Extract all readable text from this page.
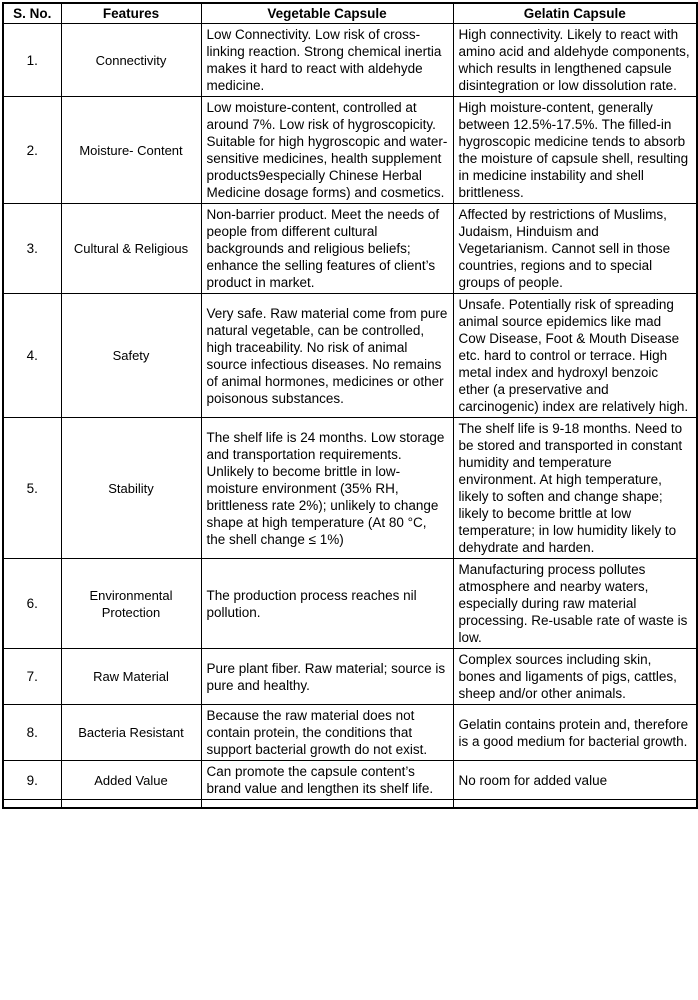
S. No.	Features	Vegetable Capsule	Gelatin Capsule
1.	Connectivity	Low Connectivity. Low risk of cross-linking reaction. Strong chemical inertia makes it hard to react with aldehyde medicine.	High connectivity. Likely to react with amino acid and aldehyde components, which results in lengthened capsule disintegration or low dissolution rate.
2.	Moisture- Content	Low moisture-content, controlled at around 7%. Low risk of hygroscopicity. Suitable for high hygroscopic and water-sensitive medicines, health supplement products9especially Chinese Herbal Medicine dosage forms) and cosmetics.	High moisture-content, generally between 12.5%-17.5%. The filled-in hygroscopic medicine tends to absorb the moisture of capsule shell, resulting in medicine instability and shell brittleness.
3.	Cultural & Religious	Non-barrier product. Meet the needs of people from different cultural backgrounds and religious beliefs; enhance the selling features of client’s product in market.	Affected by restrictions of Muslims, Judaism, Hinduism and Vegetarianism. Cannot sell in those countries, regions and to special groups of people.
4.	Safety	Very safe. Raw material come from pure natural vegetable, can be controlled, high traceability. No risk of animal source infectious diseases. No remains of animal hormones, medicines or other poisonous substances.	Unsafe. Potentially risk of spreading animal source epidemics like mad Cow Disease, Foot & Mouth Disease etc. hard to control or terrace. High metal index and hydroxyl benzoic ether (a preservative and carcinogenic) index are relatively high.
5.	Stability	The shelf life is 24 months. Low storage and transportation requirements. Unlikely to become brittle in low-moisture environment (35% RH, brittleness rate 2%); unlikely to change shape at high temperature (At 80 °C, the shell change ≤ 1%)	The shelf life is 9-18 months. Need to be stored and transported in constant humidity and temperature environment. At high temperature, likely to soften and change shape; likely to become brittle at low temperature; in low humidity likely to dehydrate and harden.
6.	Environmental Protection	The production process reaches nil pollution.	Manufacturing process pollutes atmosphere and nearby waters, especially during raw material processing. Re-usable rate of waste is low.
7.	Raw Material	Pure plant fiber. Raw material; source is pure and healthy.	Complex sources including skin, bones and ligaments of pigs, cattles, sheep and/or other animals.
8.	Bacteria Resistant	Because the raw material does not contain protein, the conditions that support bacterial growth do not exist.	Gelatin contains protein and, therefore is a good medium for bacterial growth.
9.	Added Value	Can promote the capsule content’s brand value and lengthen its shelf life.	No room for added value
